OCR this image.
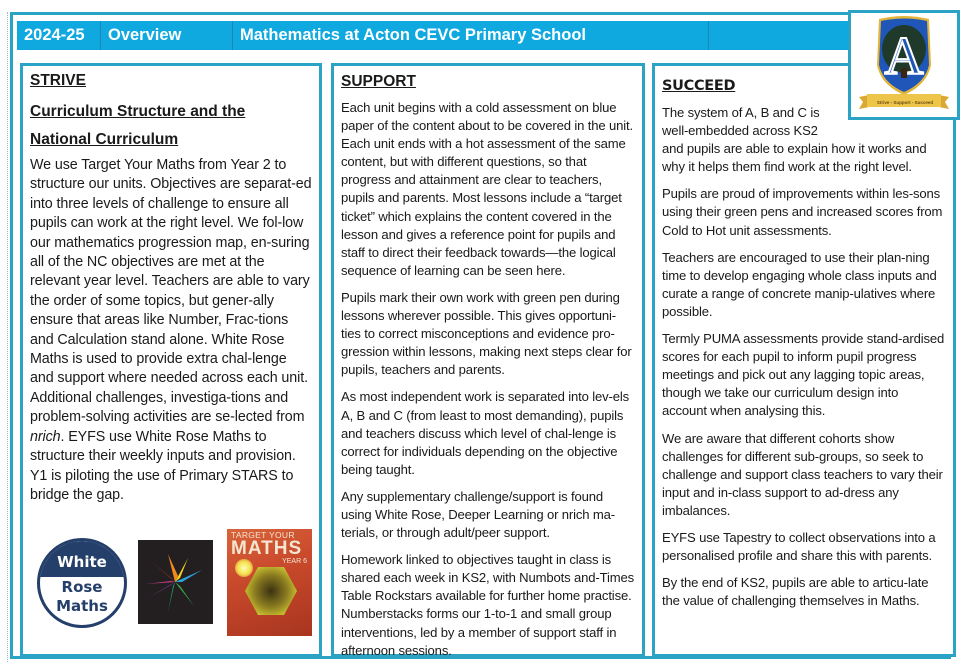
2024-25	Overview	Mathematics at Acton CEVC Primary School
STRIVE
Curriculum Structure and the
National Curriculum

We use Target Your Maths from Year 2 to structure our units. Objectives are separat-ed into three levels of challenge to ensure all pupils can work at the right level. We fol-low our mathematics progression map, en-suring all of the NC objectives are met at the relevant year level. Teachers are able to vary the order of some topics, but gener-ally ensure that areas like Number, Frac-tions and Calculation stand alone. White Rose Maths is used to provide extra chal-lenge and support where needed across each unit. Additional challenges, investiga-tions and problem-solving activities are se-lected from nrich. EYFS use White Rose Maths to structure their weekly inputs and provision. Y1 is piloting the use of Primary STARS to bridge the gap.

White
Rose
Maths
TARGET YOUR
MATHS
YEAR 6
SUPPORT

Each unit begins with a cold assessment on blue paper of the content about to be covered in the unit. Each unit ends with a hot assessment of the same content, but with different questions, so that progress and attainment are clear to teachers, pupils and parents. Most lessons include a “target ticket” which explains the content covered in the lesson and gives a reference point for pupils and staff to direct their feedback towards—the logical sequence of learning can be seen here.

Pupils mark their own work with green pen during lessons wherever possible. This gives opportuni-ties to correct misconceptions and evidence pro-gression within lessons, making next steps clear for pupils, teachers and parents.

As most independent work is separated into lev-els A, B and C (from least to most demanding), pupils and teachers discuss which level of chal-lenge is correct for individuals depending on the objective being taught.

Any supplementary challenge/support is found using White Rose, Deeper Learning or nrich ma-terials, or through adult/peer support.

Homework linked to objectives taught in class is shared each week in KS2, with Numbots and-Times Table Rockstars available for further home practise. Numberstacks forms our 1-to-1 and small group interventions, led by a member of support staff in afternoon sessions.

SUCCEED

The system of A, B and C is well-embedded across KS2

and pupils are able to explain how it works and why it helps them find work at the right level.

Pupils are proud of improvements within les-sons using their green pens and increased scores from Cold to Hot unit assessments.

Teachers are encouraged to use their plan-ning time to develop engaging whole class inputs and curate a range of concrete manip-ulatives where possible.

Termly PUMA assessments provide stand-ardised scores for each pupil to inform pupil progress meetings and pick out any lagging topic areas, though we take our curriculum design into account when analysing this.

We are aware that different cohorts show challenges for different sub-groups, so seek to challenge and support class teachers to vary their input and in-class support to ad-dress any imbalances.

EYFS use Tapestry to collect observations into a personalised profile and share this with parents.

By the end of KS2, pupils are able to articu-late the value of challenging themselves in Maths.

A
Strive - Support - Succeed
